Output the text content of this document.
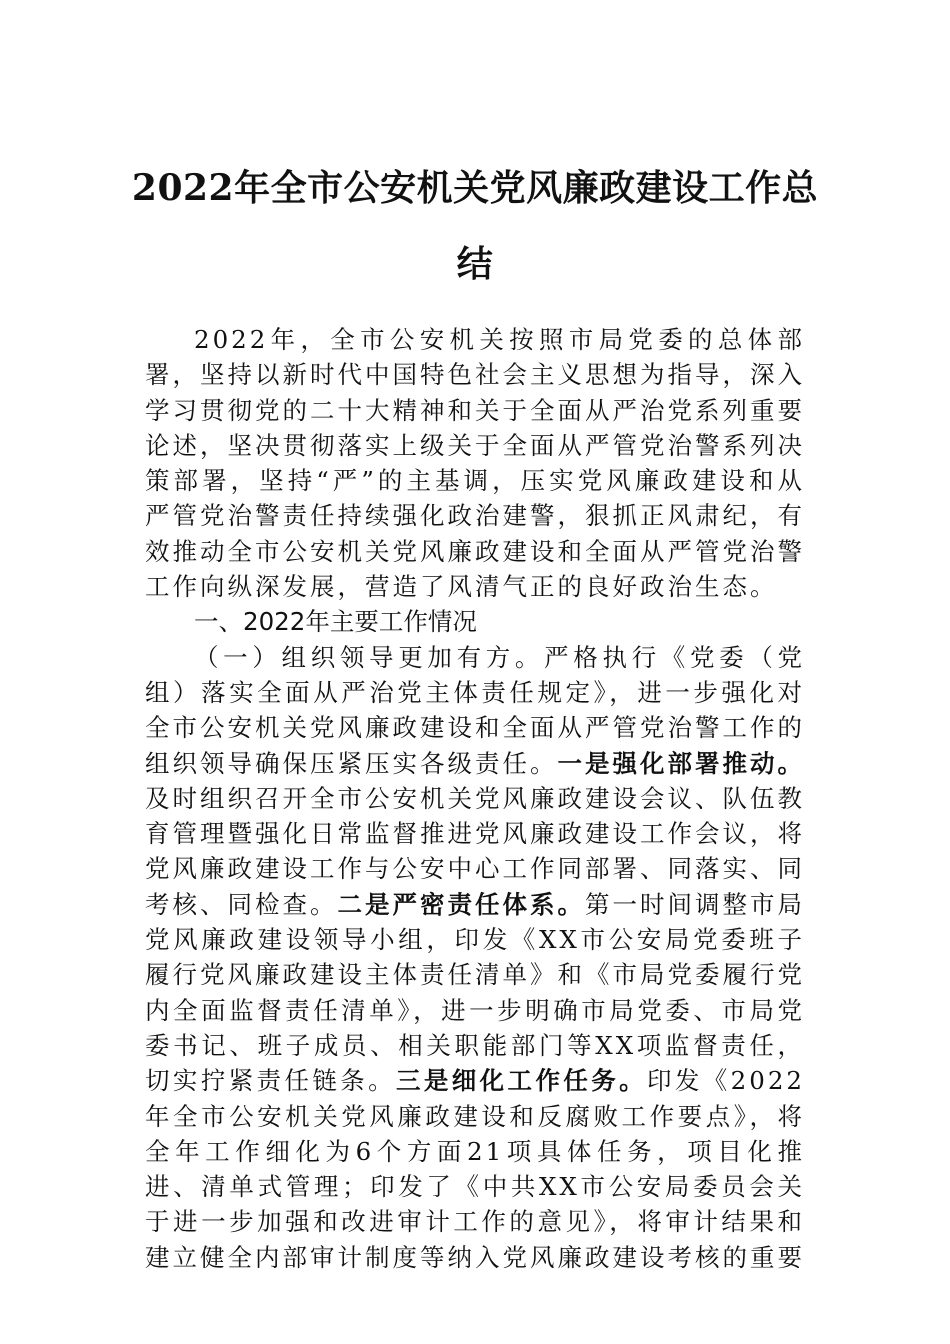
2022年全市公安机关党风廉政建设工作总结

2022年，全市公安机关按照市局党委的总体部署，坚持以新时代中国特色社会主义思想为指导，深入学习贯彻党的二十大精神和关于全面从严治党系列重要论述，坚决贯彻落实上级关于全面从严管党治警系列决策部署，坚持“严”的主基调，压实党风廉政建设和从严管党治警责任持续强化政治建警，狠抓正风肃纪，有效推动全市公安机关党风廉政建设和全面从严管党治警工作向纵深发展，营造了风清气正的良好政治生态。

一、2022年主要工作情况

（一）组织领导更加有方。严格执行《党委（党组）落实全面从严治党主体责任规定》，进一步强化对全市公安机关党风廉政建设和全面从严管党治警工作的组织领导确保压紧压实各级责任。一是强化部署推动。及时组织召开全市公安机关党风廉政建设会议、队伍教育管理暨强化日常监督推进党风廉政建设工作会议，将党风廉政建设工作与公安中心工作同部署、同落实、同考核、同检查。二是严密责任体系。第一时间调整市局党风廉政建设领导小组，印发《XX市公安局党委班子履行党风廉政建设主体责任清单》和《市局党委履行党内全面监督责任清单》，进一步明确市局党委、市局党委书记、班子成员、相关职能部门等XX项监督责任，切实拧紧责任链条。三是细化工作任务。印发《2022年全市公安机关党风廉政建设和反腐败工作要点》，将全年工作细化为6个方面21项具体任务，项目化推进、清单式管理；印发了《中共XX市公安局委员会关于进一步加强和改进审计工作的意见》，将审计结果和建立健全内部审计制度等纳入党风廉政建设考核的重要
